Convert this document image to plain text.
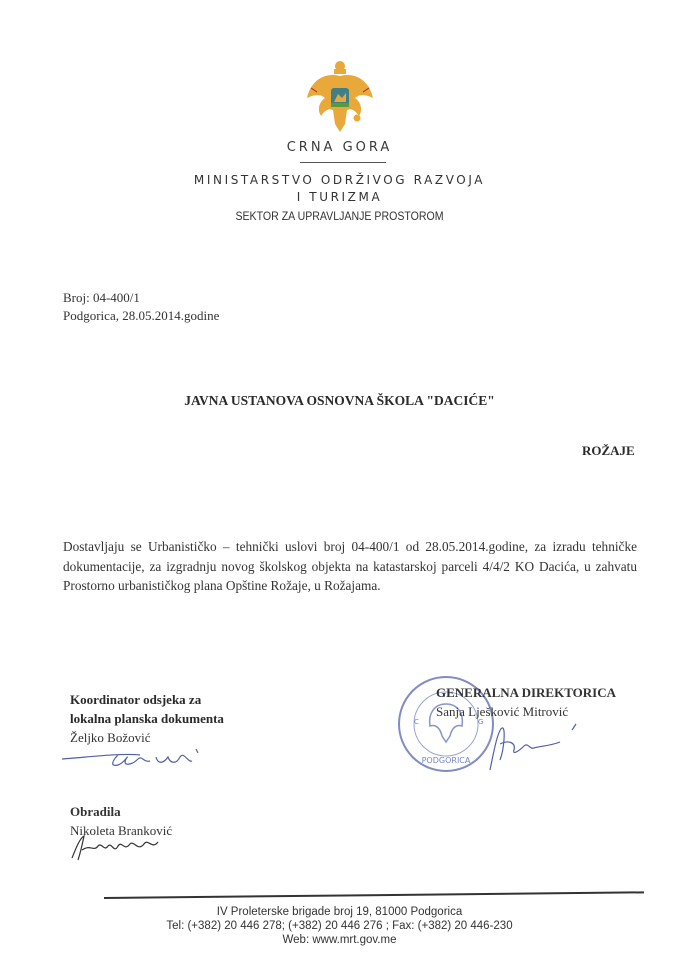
CRNA GORA
MINISTARSTVO ODRŽIVOG RAZVOJA
I TURIZMA
SEKTOR ZA UPRAVLJANJE PROSTOROM
Broj: 04-400/1
Podgorica, 28.05.2014.godine
JAVNA USTANOVA OSNOVNA ŠKOLA "DACIĆE"
ROŽAJE
Dostavljaju se Urbanističko – tehnički uslovi broj 04-400/1 od 28.05.2014.godine, za izradu tehničke dokumentacije, za izgradnju novog školskog objekta na katastarskoj parceli 4/4/2 KO Dacića, u zahvatu Prostorno urbanističkog plana Opštine Rožaje, u Rožajama.
Koordinator odsjeka za
lokalna planska dokumenta
Željko Božović
PODGORICA
C	G
GENERALNA DIREKTORICA
Sanja Lješković Mitrović
Obradila
Nikoleta Branković
IV Proleterske brigade broj 19, 81000 Podgorica
Tel: (+382) 20 446 278; (+382) 20 446 276 ; Fax: (+382) 20 446-230
Web: www.mrt.gov.me
